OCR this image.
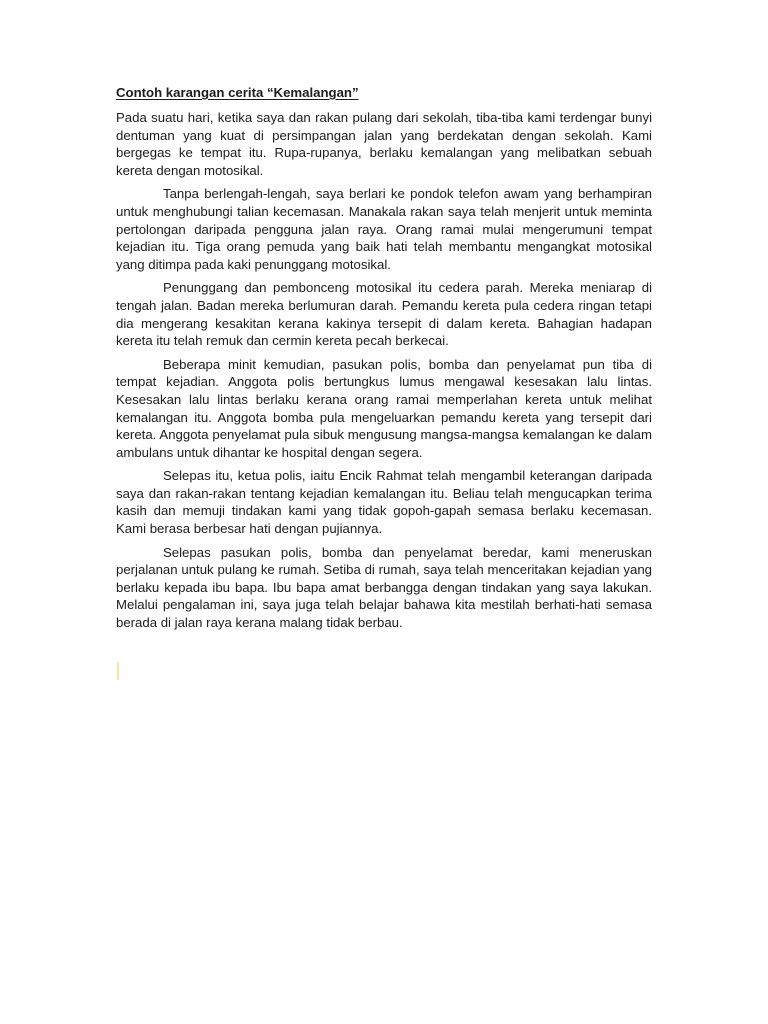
Contoh karangan cerita “Kemalangan”

Pada suatu hari, ketika saya dan rakan pulang dari sekolah, tiba-tiba kami terdengar bunyi dentuman yang kuat di persimpangan jalan yang berdekatan dengan sekolah. Kami bergegas ke tempat itu. Rupa-rupanya, berlaku kemalangan yang melibatkan sebuah kereta dengan motosikal.

Tanpa berlengah-lengah, saya berlari ke pondok telefon awam yang berhampiran untuk menghubungi talian kecemasan. Manakala rakan saya telah menjerit untuk meminta pertolongan daripada pengguna jalan raya. Orang ramai mulai mengerumuni tempat kejadian itu. Tiga orang pemuda yang baik hati telah membantu mengangkat motosikal yang ditimpa pada kaki penunggang motosikal.

Penunggang dan pembonceng motosikal itu cedera parah. Mereka meniarap di tengah jalan. Badan mereka berlumuran darah. Pemandu kereta pula cedera ringan tetapi dia mengerang kesakitan kerana kakinya tersepit di dalam kereta. Bahagian hadapan kereta itu telah remuk dan cermin kereta pecah berkecai.

Beberapa minit kemudian, pasukan polis, bomba dan penyelamat pun tiba di tempat kejadian. Anggota polis bertungkus lumus mengawal kesesakan lalu lintas. Kesesakan lalu lintas berlaku kerana orang ramai memperlahan kereta untuk melihat kemalangan itu. Anggota bomba pula mengeluarkan pemandu kereta yang tersepit dari kereta. Anggota penyelamat pula sibuk mengusung mangsa-mangsa kemalangan ke dalam ambulans untuk dihantar ke hospital dengan segera.

Selepas itu, ketua polis, iaitu Encik Rahmat telah mengambil keterangan daripada saya dan rakan-rakan tentang kejadian kemalangan itu. Beliau telah mengucapkan terima kasih dan memuji tindakan kami yang tidak gopoh-gapah semasa berlaku kecemasan. Kami berasa berbesar hati dengan pujiannya.

Selepas pasukan polis, bomba dan penyelamat beredar, kami meneruskan perjalanan untuk pulang ke rumah. Setiba di rumah, saya telah menceritakan kejadian yang berlaku kepada ibu bapa. Ibu bapa amat berbangga dengan tindakan yang saya lakukan. Melalui pengalaman ini, saya juga telah belajar bahawa kita mestilah berhati-hati semasa berada di jalan raya kerana malang tidak berbau.
